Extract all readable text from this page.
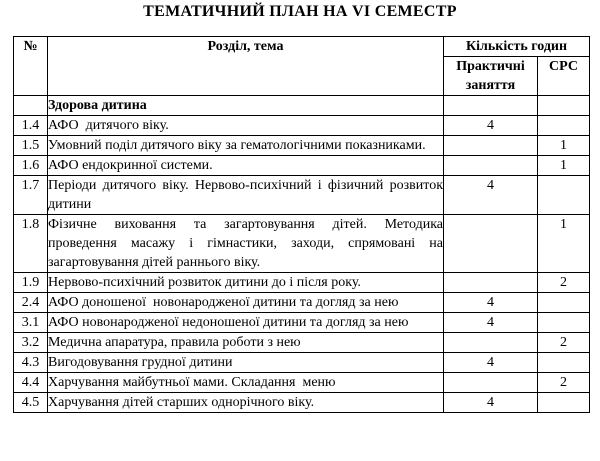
ТЕМАТИЧНИЙ ПЛАН НА VI СЕМЕСТР
№	Розділ, тема	Кількість годин	
		Практичні заняття	СРС
	Здорова дитина		
1.4	АФО  дитячого віку.	4	
1.5	Умовний поділ дитячого віку за гематологічними показниками.		1
1.6	АФО ендокринної системи.		1
1.7	Періоди дитячого віку. Нервово-психічний і фізичний розвиток дитини	4	
1.8	Фізичне виховання та загартовування дітей. Методика проведення масажу і гімнастики, заходи, спрямовані на загартовування дітей раннього віку.		1
1.9	Нервово-психічний розвиток дитини до і після року.		2
2.4	АФО доношеної  новонародженої дитини та догляд за нею	4	
3.1	АФО новонародженої недоношеної дитини та догляд за нею	4	
3.2	Медична апаратура, правила роботи з нею		2
4.3	Вигодовування грудної дитини	4	
4.4	Харчування майбутньої мами. Складання  меню		2
4.5	Харчування дітей старших однорічного віку.	4	
